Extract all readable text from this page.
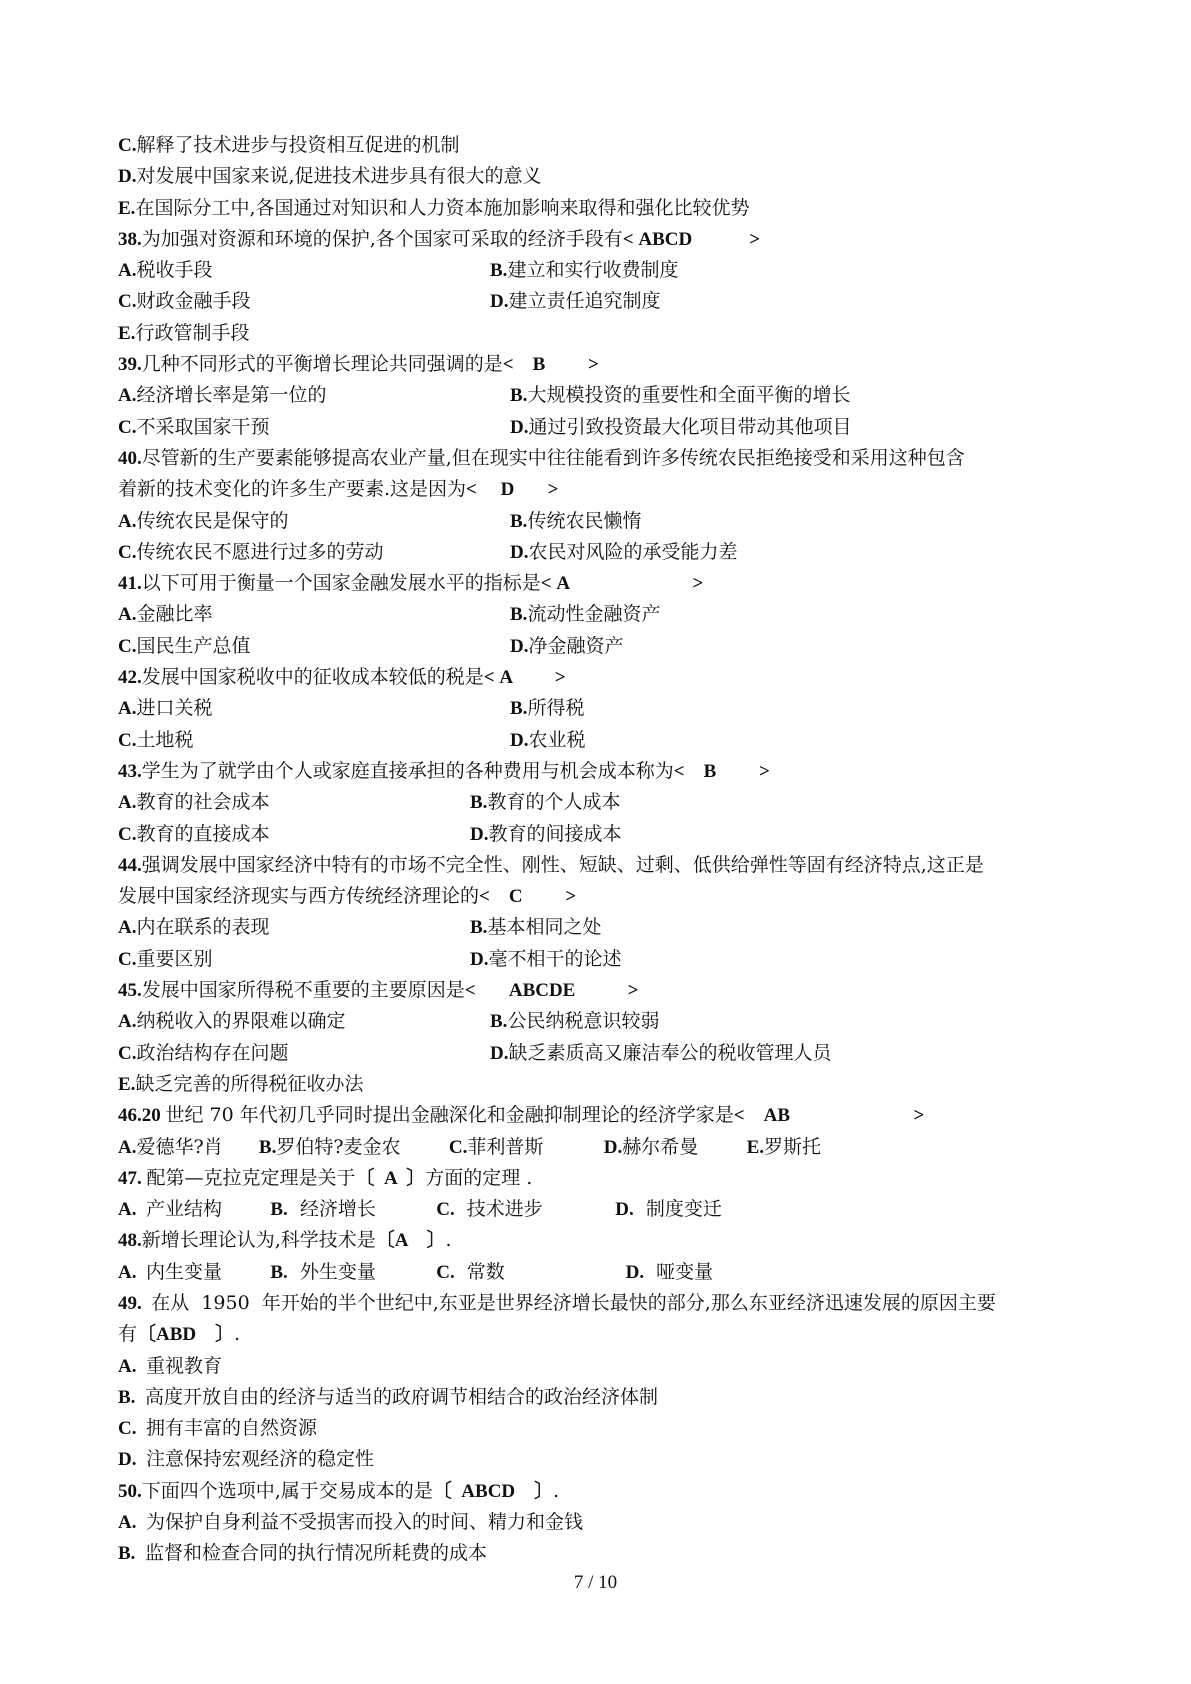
C.解释了技术进步与投资相互促进的机制
D.对发展中国家来说,促进技术进步具有很大的意义
E.在国际分工中,各国通过对知识和人力资本施加影响来取得和强化比较优势
38.为加强对资源和环境的保护,各个国家可采取的经济手段有< ABCD            >
A.税收手段	B.建立和实行收费制度
C.财政金融手段	D.建立责任追究制度
E.行政管制手段
39.几种不同形式的平衡增长理论共同强调的是<    B         >
A.经济增长率是第一位的	B.大规模投资的重要性和全面平衡的增长
C.不采取国家干预	D.通过引致投资最大化项目带动其他项目
40.尽管新的生产要素能够提高农业产量,但在现实中往往能看到许多传统农民拒绝接受和采用这种包含
着新的技术变化的许多生产要素.这是因为<     D       >
A.传统农民是保守的	B.传统农民懒惰
C.传统农民不愿进行过多的劳动	D.农民对风险的承受能力差
41.以下可用于衡量一个国家金融发展水平的指标是< A                          >
A.金融比率	B.流动性金融资产
C.国民生产总值	D.净金融资产
42.发展中国家税收中的征收成本较低的税是< A         >
A.进口关税	B.所得税
C.土地税	D.农业税
43.学生为了就学由个人或家庭直接承担的各种费用与机会成本称为<    B         >
A.教育的社会成本	B.教育的个人成本
C.教育的直接成本	D.教育的间接成本
44.强调发展中国家经济中特有的市场不完全性、刚性、短缺、过剩、低供给弹性等固有经济特点,这正是
发展中国家经济现实与西方传统经济理论的<    C         >
A.内在联系的表现	B.基本相同之处
C.重要区别	D.毫不相干的论述
45.发展中国家所得税不重要的主要原因是<       ABCDE           >
A.纳税收入的界限难以确定	B.公民纳税意识较弱
C.政治结构存在问题	D.缺乏素质高又廉洁奉公的税收管理人员
E.缺乏完善的所得税征收办法
46.20 世纪 70 年代初几乎同时提出金融深化和金融抑制理论的经济学家是<    AB                          >
A.爱德华?肖      B.罗伯特?麦金农        C.菲利普斯          D.赫尔希曼        E.罗斯托
47. 配第—克拉克定理是关于〔  A  〕方面的定理 .
A.  产业结构        B.  经济增长          C.  技术进步            D.  制度变迁
48.新增长理论认为,科学技术是〔A    〕.
A.  内生变量        B.  外生变量          C.  常数                    D.  哑变量
49.  在从  1950  年开始的半个世纪中,东亚是世界经济增长最快的部分,那么东亚经济迅速发展的原因主要
有〔ABD    〕.
A.  重视教育
B.  高度开放自由的经济与适当的政府调节相结合的政治经济体制
C.  拥有丰富的自然资源
D.  注意保持宏观经济的稳定性
50.下面四个选项中,属于交易成本的是〔  ABCD    〕.
A.  为保护自身利益不受损害而投入的时间、精力和金钱
B.  监督和检查合同的执行情况所耗费的成本
7 / 10
